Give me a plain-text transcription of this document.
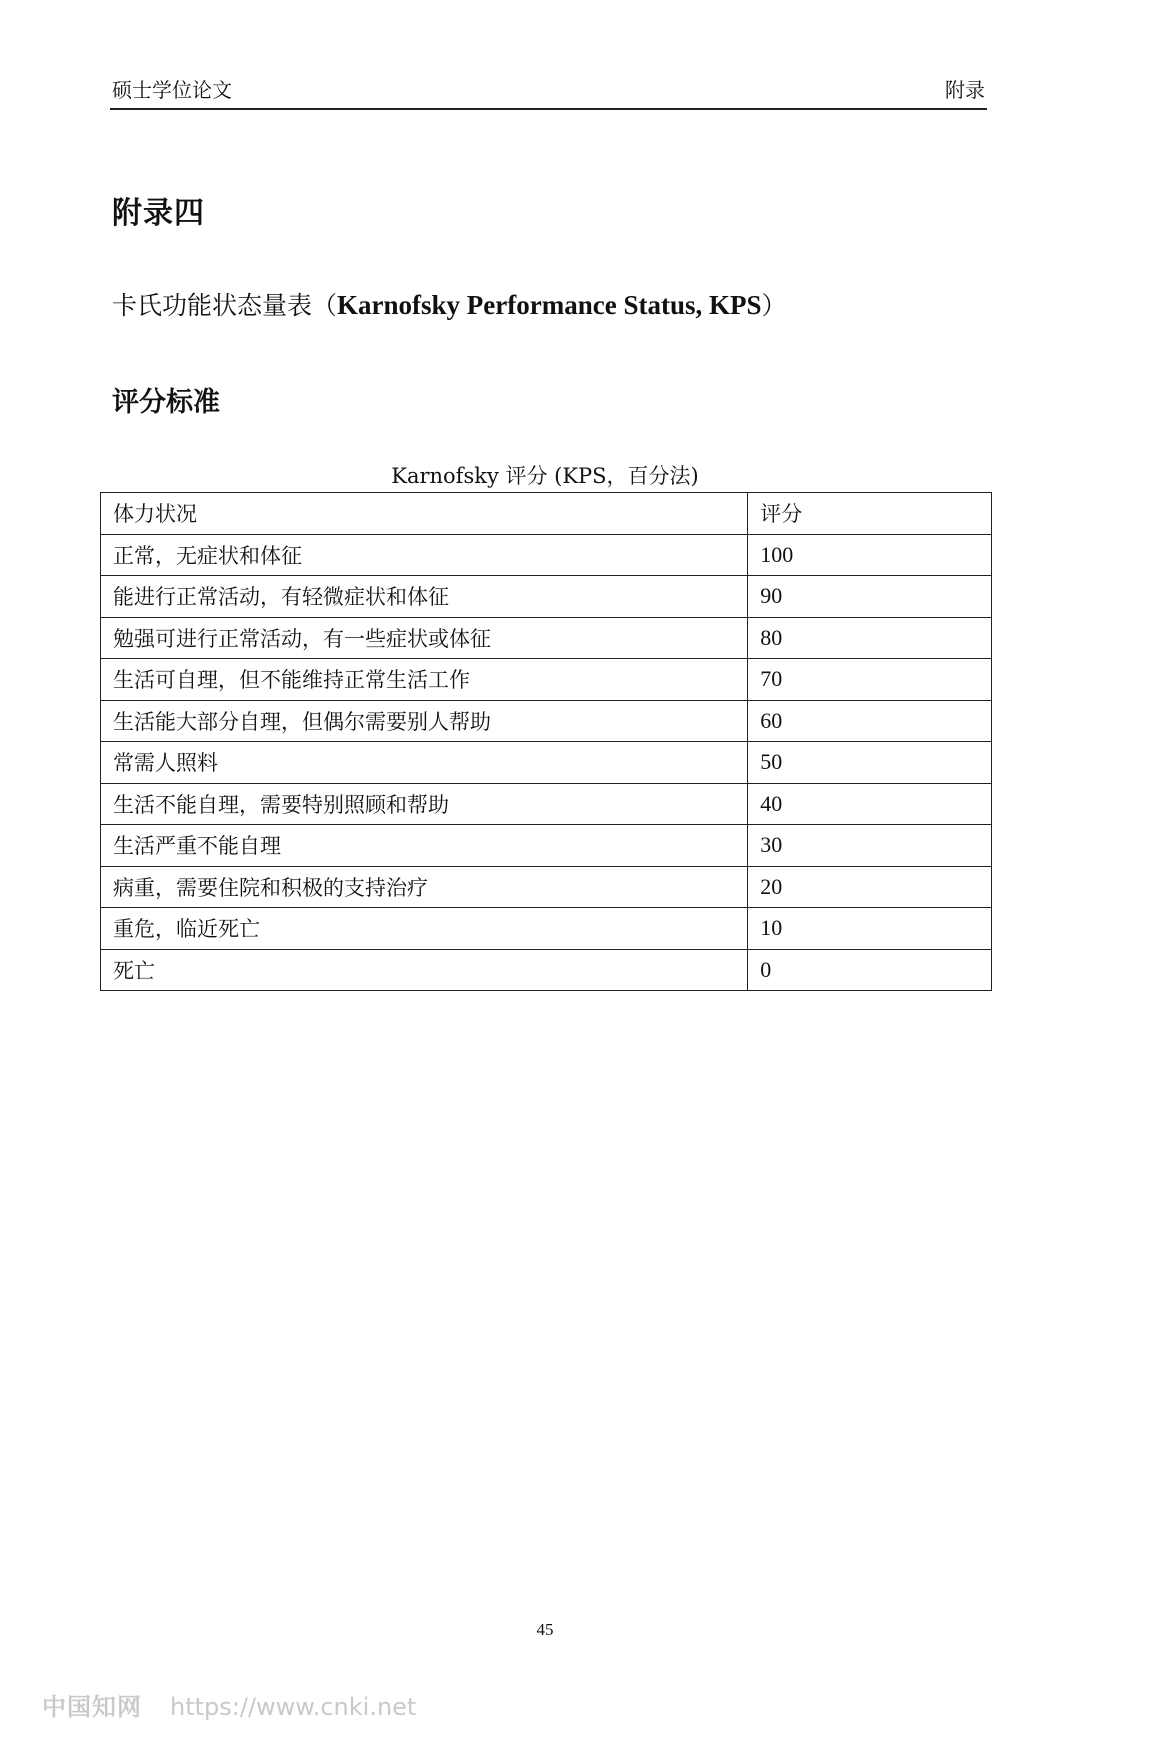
硕士学位论文	附录
附录四
卡氏功能状态量表（Karnofsky Performance Status, KPS）
评分标准
Karnofsky 评分 (KPS，百分法)
体力状况	评分
正常，无症状和体征	100
能进行正常活动，有轻微症状和体征	90
勉强可进行正常活动，有一些症状或体征	80
生活可自理，但不能维持正常生活工作	70
生活能大部分自理，但偶尔需要别人帮助	60
常需人照料	50
生活不能自理，需要特别照顾和帮助	40
生活严重不能自理	30
病重，需要住院和积极的支持治疗	20
重危，临近死亡	10
死亡	0
45
中国知网 https://www.cnki.net
